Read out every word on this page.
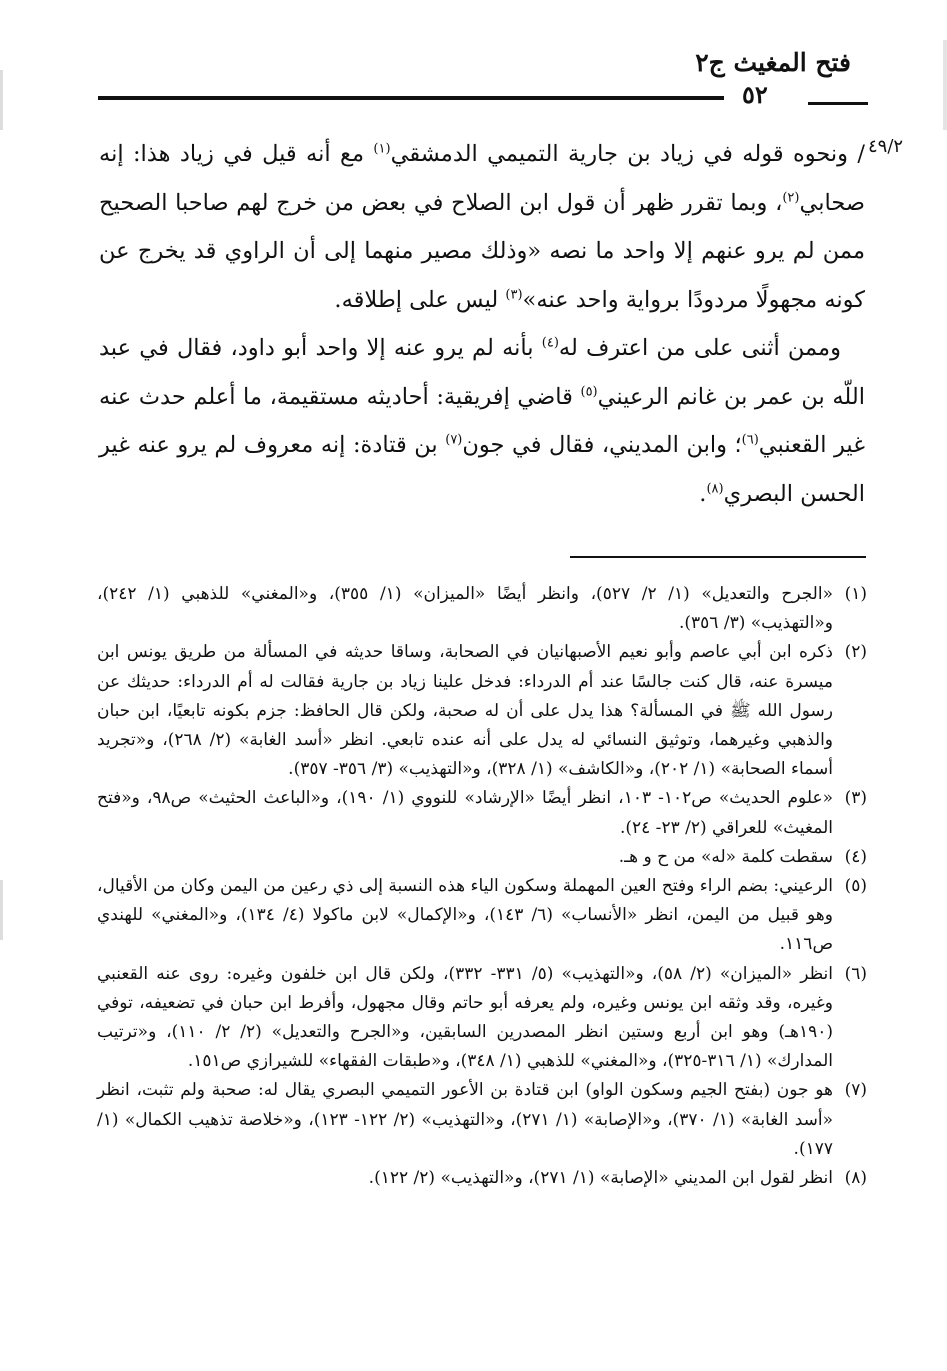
فتح المغيث ج٢
٥٢
٤٩/٢

/ ونحوه قوله في زياد بن جارية التميمي الدمشقي$^{(١)}$ مع أنه قيل في زياد هذا: إنه صحابي$^{(٢)}$، وبما تقرر ظهر أن قول ابن الصلاح في بعض من خرج لهم صاحبا الصحيح ممن لم يرو عنهم إلا واحد ما نصه «وذلك مصير منهما إلى أن الراوي قد يخرج عن كونه مجهولًا مردودًا برواية واحد عنه»$^{(٣)}$ ليس على إطلاقه.

وممن أثنى على من اعترف له$^{(٤)}$ بأنه لم يرو عنه إلا واحد أبو داود، فقال في عبد اللّه بن عمر بن غانم الرعيني$^{(٥)}$ قاضي إفريقية: أحاديثه مستقيمة، ما أعلم حدث عنه غير القعنبي$^{(٦)}$؛ وابن المديني، فقال في جون$^{(٧)}$ بن قتادة: إنه معروف لم يرو عنه غير الحسن البصري$^{(٨)}$.

(١)
«الجرح والتعديل» (١/ ٢/ ٥٢٧)، وانظر أيضًا «الميزان» (١/ ٣٥٥)، و«المغني» للذهبي (١/ ٢٤٢)، و«التهذيب» (٣/ ٣٥٦).
(٢)
ذكره ابن أبي عاصم وأبو نعيم الأصبهانيان في الصحابة، وساقا حديثه في المسألة من طريق يونس ابن ميسرة عنه، قال كنت جالسًا عند أم الدرداء: فدخل علينا زياد بن جارية فقالت له أم الدرداء: حديثك عن رسول الله ﷺ في المسألة؟ هذا يدل على أن له صحبة، ولكن قال الحافظ: جزم بكونه تابعيًا، ابن حبان والذهبي وغيرهما، وتوثيق النسائي له يدل على أنه عنده تابعي. انظر «أسد الغابة» (٢/ ٢٦٨)، و«تجريد أسماء الصحابة» (١/ ٢٠٢)، و«الكاشف» (١/ ٣٢٨)، و«التهذيب» (٣/ ٣٥٦- ٣٥٧).
(٣)
«علوم الحديث» ص١٠٢- ١٠٣، انظر أيضًا «الإرشاد» للنووي (١/ ١٩٠)، و«الباعث الحثيث» ص٩٨، و«فتح المغيث» للعراقي (٢/ ٢٣- ٢٤).
(٤)
سقطت كلمة «له» من ح و هـ.
(٥)
الرعيني: بضم الراء وفتح العين المهملة وسكون الياء هذه النسبة إلى ذي رعين من اليمن وكان من الأقيال، وهو قبيل من اليمن، انظر «الأنساب» (٦/ ١٤٣)، و«الإكمال» لابن ماكولا (٤/ ١٣٤)، و«المغني» للهندي ص١١٦.
(٦)
انظر «الميزان» (٢/ ٥٨)، و«التهذيب» (٥/ ٣٣١- ٣٣٢)، ولكن قال ابن خلفون وغيره: روى عنه القعنبي وغيره، وقد وثقه ابن يونس وغيره، ولم يعرفه أبو حاتم وقال مجهول، وأفرط ابن حبان في تضعيفه، توفي (١٩٠هـ) وهو ابن أربع وستين انظر المصدرين السابقين، و«الجرح والتعديل» (٢/ ٢/ ١١٠)، و«ترتيب المدارك» (١/ ٣١٦-٣٢٥)، و«المغني» للذهبي (١/ ٣٤٨)، و«طبقات الفقهاء» للشيرازي ص١٥١.
(٧)
هو جون (بفتح الجيم وسكون الواو) ابن قتادة بن الأعور التميمي البصري يقال له: صحبة ولم تثبت، انظر «أسد الغابة» (١/ ٣٧٠)، و«الإصابة» (١/ ٢٧١)، و«التهذيب» (٢/ ١٢٢- ١٢٣)، و«خلاصة تذهيب الكمال» (١/ ١٧٧).
(٨)
انظر لقول ابن المديني «الإصابة» (١/ ٢٧١)، و«التهذيب» (٢/ ١٢٢).
